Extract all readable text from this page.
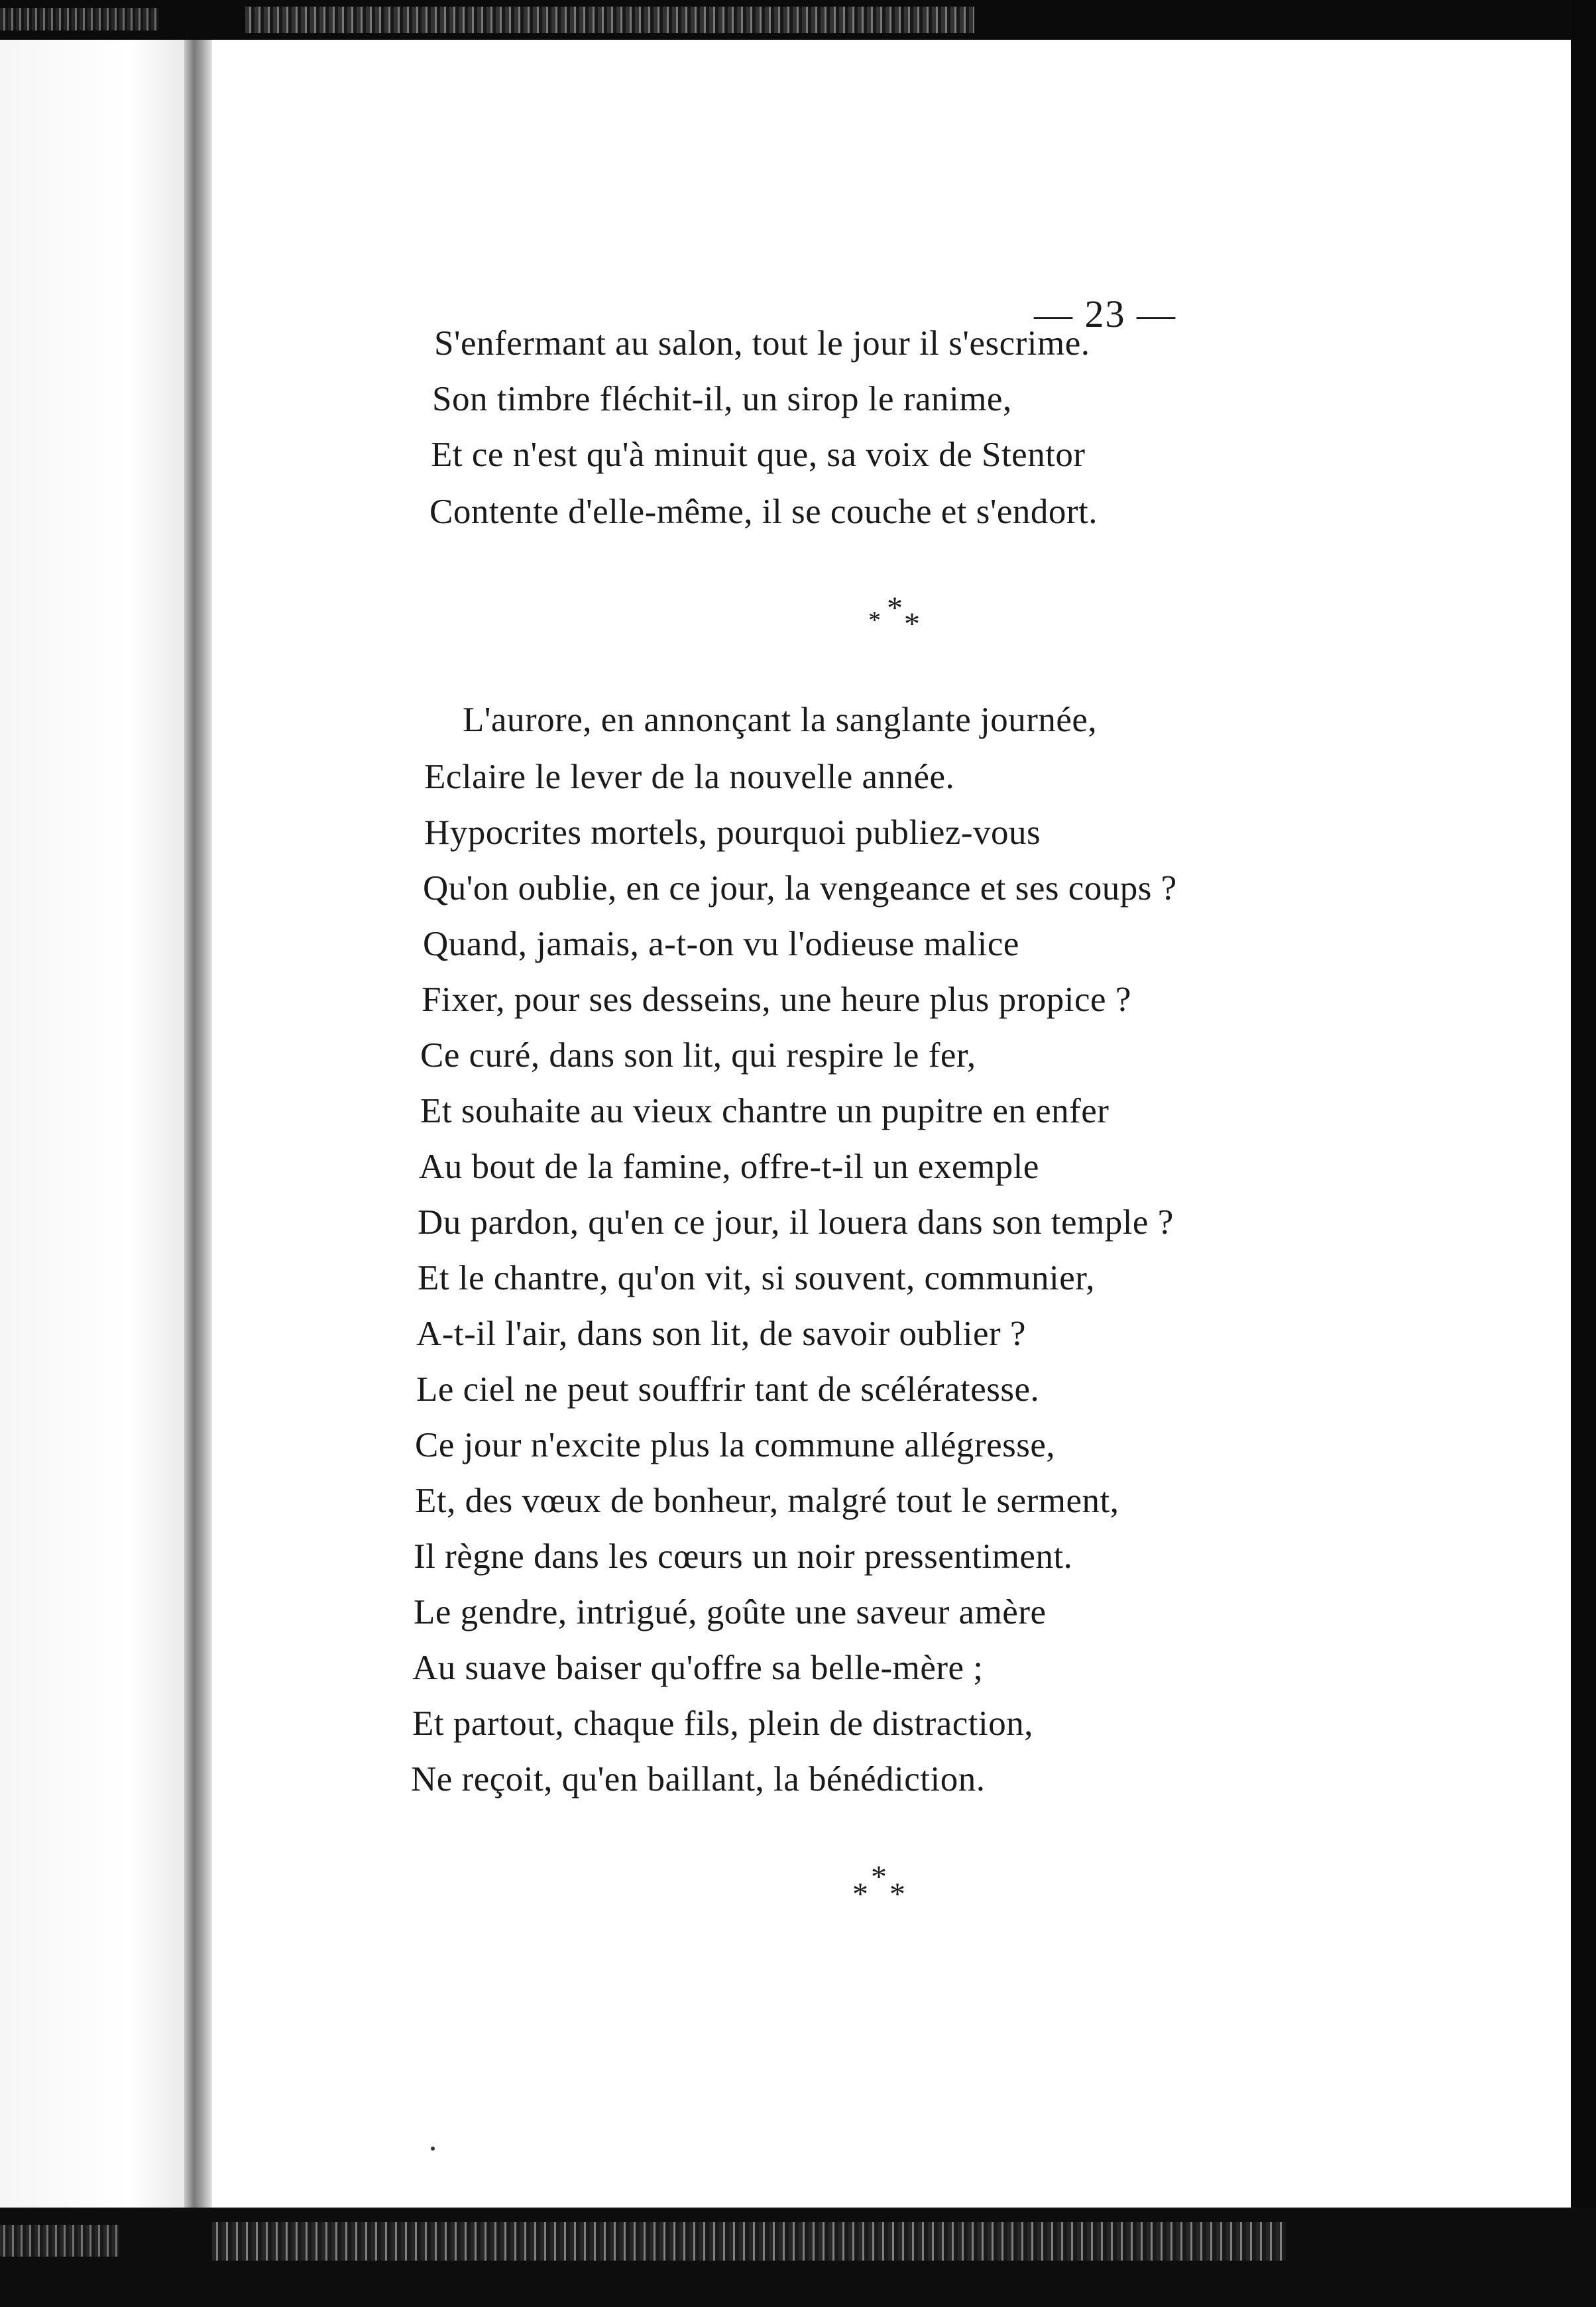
— 23 —
S'enfermant au salon, tout le jour il s'escrime.
Son timbre fléchit-il, un sirop le ranime,
Et ce n'est qu'à minuit que, sa voix de Stentor
Contente d'elle-même, il se couche et s'endort.
*
* *
L'aurore, en annonçant la sanglante journée,
Eclaire le lever de la nouvelle année.
Hypocrites mortels, pourquoi publiez-vous
Qu'on oublie, en ce jour, la vengeance et ses coups ?
Quand, jamais, a-t-on vu l'odieuse malice
Fixer, pour ses desseins, une heure plus propice ?
Ce curé, dans son lit, qui respire le fer,
Et souhaite au vieux chantre un pupitre en enfer
Au bout de la famine, offre-t-il un exemple
Du pardon, qu'en ce jour, il louera dans son temple ?
Et le chantre, qu'on vit, si souvent, communier,
A-t-il l'air, dans son lit, de savoir oublier ?
Le ciel ne peut souffrir tant de scélératesse.
Ce jour n'excite plus la commune allégresse,
Et, des vœux de bonheur, malgré tout le serment,
Il règne dans les cœurs un noir pressentiment.
Le gendre, intrigué, goûte une saveur amère
Au suave baiser qu'offre sa belle-mère ;
Et partout, chaque fils, plein de distraction,
Ne reçoit, qu'en baillant, la bénédiction.
*
* *
